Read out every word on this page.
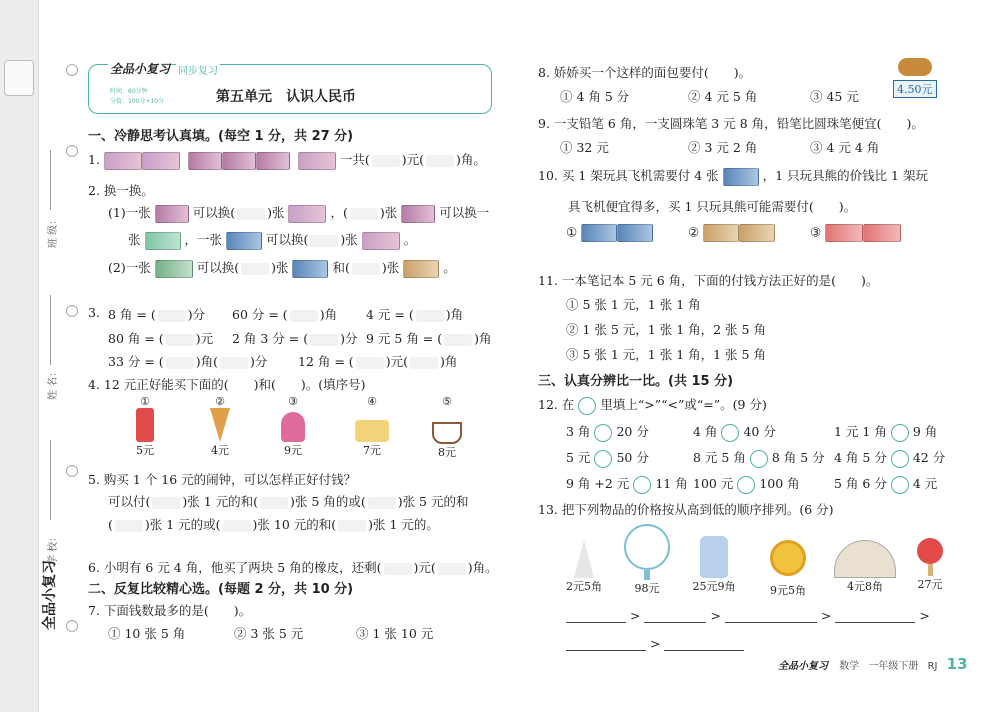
班 级：
姓 名：
学 校：
全品小复习
全品小复习 同步复习
时间：60分钟
分值：100分+10分	第五单元　认识人民币
一、冷静思考认真填。(每空 1 分，共 27 分)
1.	一共(	)元(	)角。
2. 换一换。
(1)一张	可以换(	)张	，(	)张	可以换一
张	，一张	可以换(	)张	。
(2)一张	可以换(	)张	和(	)张	。
3. 8 角 = (	)分 60 分 = (	)角 4 元 = (	)角
80 角 = (	)元 2 角 3 分 = (	)分 9 元 5 角 = (	)角
33 分 = (	)角(	)分 12 角 = (	)元(	)角
4. 12 元正好能买下面的(　　)和(　　)。(填序号)
①
5元
②
4元
③
9元
④
7元
⑤
8元
5. 购买 1 个 16 元的闹钟，可以怎样正好付钱？
可以付(	)张 1 元的和(	)张 5 角的或(	)张 5 元的和
(	)张 1 元的或(	)张 10 元的和(	)张 1 元的。
6. 小明有 6 元 4 角，他买了两块 5 角的橡皮，还剩(	)元(	)角。
二、反复比较精心选。(每题 2 分，共 10 分)
7. 下面钱数最多的是(　　)。
① 10 张 5 角	② 3 张 5 元	③ 1 张 10 元
8. 娇娇买一个这样的面包要付(　　)。
4.50元
① 4 角 5 分	② 4 元 5 角	③ 45 元
9. 一支铅笔 6 角，一支圆珠笔 3 元 8 角，铅笔比圆珠笔便宜(　　)。
① 32 元	② 3 元 2 角	③ 4 元 4 角
10. 买 1 架玩具飞机需要付 4 张	，1 只玩具熊的价钱比 1 架玩
具飞机便宜得多，买 1 只玩具熊可能需要付(　　)。
①	②	③
11. 一本笔记本 5 元 6 角，下面的付钱方法正好的是(　　)。
① 5 张 1 元，1 张 1 角
② 1 张 5 元，1 张 1 角，2 张 5 角
③ 5 张 1 元，1 张 1 角，1 张 5 角
三、认真分辨比一比。(共 15 分)
12. 在 里填上“>”“<”或“=”。(9 分)
3 角 20 分	4 角 40 分	1 元 1 角 9 角
5 元 50 分	8 元 5 角 8 角 5 分 4 角 5 分 42 分
9 角 +2 元 11 角 100 元 100 角	5 角 6 分 4 元
13. 把下列物品的价格按从高到低的顺序排列。(6 分)
2元5角	98元	25元9角	9元5角	4元8角	27元
>	>	>	>
>
全品小复习 数学 一年级下册 RJ 13
